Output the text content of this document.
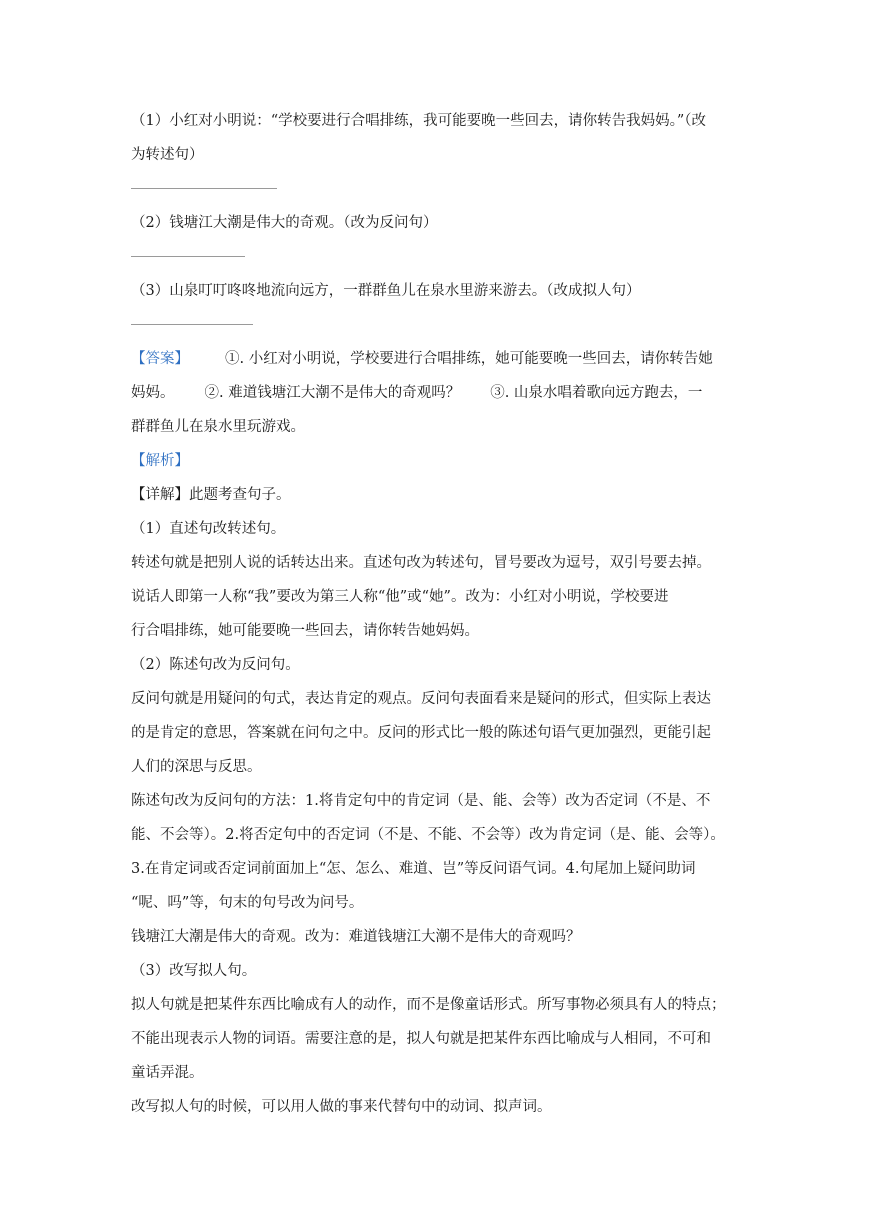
（1）小红对小明说：“学校要进行合唱排练，我可能要晚一些回去，请你转告我妈妈。”（改
为转述句）
（2）钱塘江大潮是伟大的奇观。（改为反问句）
（3）山泉叮叮咚咚地流向远方，一群群鱼儿在泉水里游来游去。（改成拟人句）
【答案】 ①. 小红对小明说，学校要进行合唱排练，她可能要晚一些回去，请你转告她
妈妈。 ②. 难道钱塘江大潮不是伟大的奇观吗？ ③. 山泉水唱着歌向远方跑去，一
群群鱼儿在泉水里玩游戏。
【解析】
【详解】此题考查句子。
（1）直述句改转述句。
转述句就是把别人说的话转达出来。直述句改为转述句，冒号要改为逗号，双引号要去掉。
说话人即第一人称“我”要改为第三人称“他”或“她”。改为：小红对小明说，学校要进
行合唱排练，她可能要晚一些回去，请你转告她妈妈。
（2）陈述句改为反问句。
反问句就是用疑问的句式，表达肯定的观点。反问句表面看来是疑问的形式，但实际上表达
的是肯定的意思，答案就在问句之中。反问的形式比一般的陈述句语气更加强烈，更能引起
人们的深思与反思。
陈述句改为反问句的方法：1.将肯定句中的肯定词（是、能、会等）改为否定词（不是、不
能、不会等）。2.将否定句中的否定词（不是、不能、不会等）改为肯定词（是、能、会等）。
3.在肯定词或否定词前面加上“怎、怎么、难道、岂”等反问语气词。4.句尾加上疑问助词
“呢、吗”等，句末的句号改为问号。
钱塘江大潮是伟大的奇观。改为：难道钱塘江大潮不是伟大的奇观吗？
（3）改写拟人句。
拟人句就是把某件东西比喻成有人的动作，而不是像童话形式。所写事物必须具有人的特点；
不能出现表示人物的词语。需要注意的是，拟人句就是把某件东西比喻成与人相同，不可和
童话弄混。
改写拟人句的时候，可以用人做的事来代替句中的动词、拟声词。
